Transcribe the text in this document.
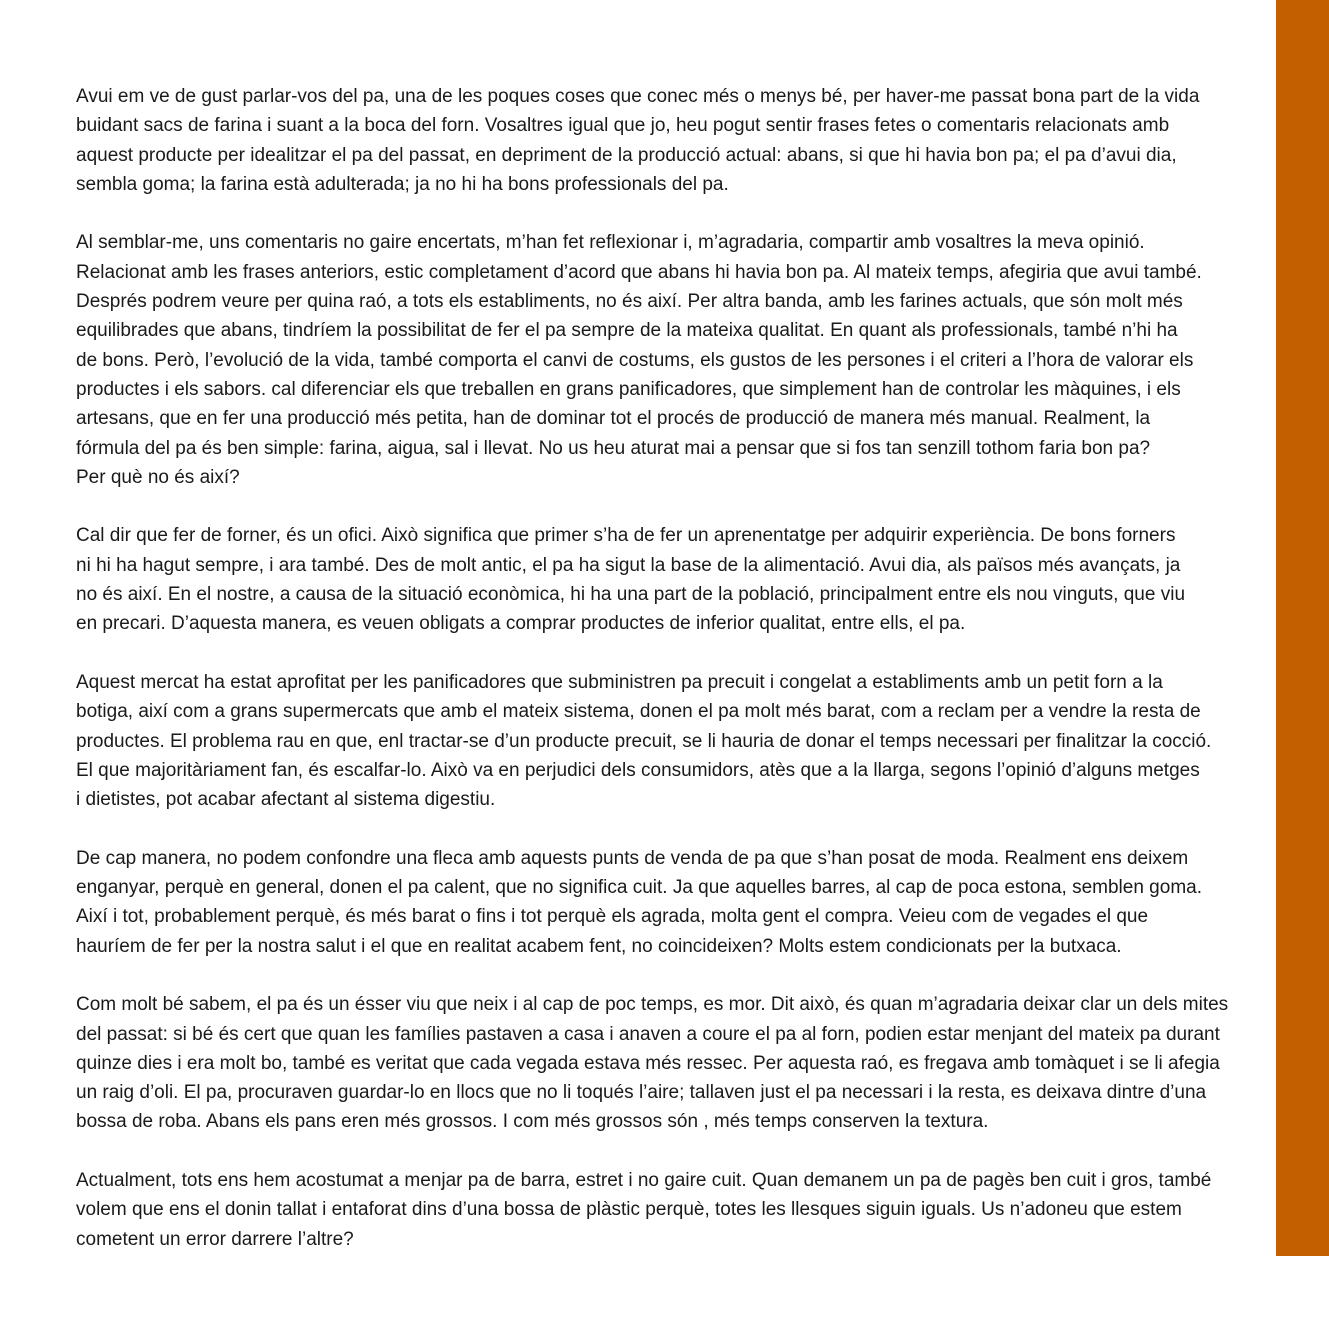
Avui em ve de gust parlar-vos del pa, una de les poques coses que conec més o menys bé, per haver-me passat bona part de la vida
buidant sacs de farina i suant a la boca del forn. Vosaltres igual que jo, heu pogut sentir frases fetes o comentaris relacionats amb
aquest producte per idealitzar el pa del passat, en depriment de la producció actual: abans, si que hi havia bon pa; el pa d’avui dia,
sembla goma; la farina està adulterada; ja no hi ha bons professionals del pa.

Al semblar-me, uns comentaris no gaire encertats, m’han fet reflexionar i, m’agradaria, compartir amb vosaltres la meva opinió.
Relacionat amb les frases anteriors, estic completament d’acord que abans hi havia bon pa. Al mateix temps, afegiria que avui també.
Després podrem veure per quina raó, a tots els establiments, no és així. Per altra banda, amb les farines actuals, que són molt més
equilibrades que abans, tindríem la possibilitat de fer el pa sempre de la mateixa qualitat. En quant als professionals, també n’hi ha
de bons. Però, l’evolució de la vida, també comporta el canvi de costums, els gustos de les persones i el criteri a l’hora de valorar els
productes i els sabors. cal diferenciar els que treballen en grans panificadores, que simplement han de controlar les màquines, i els
artesans, que en fer una producció més petita, han de dominar tot el procés de producció de manera més manual. Realment, la
fórmula del pa és ben simple: farina, aigua, sal i llevat. No us heu aturat mai a pensar que si fos tan senzill tothom faria bon pa?
Per què no és així?

Cal dir que fer de forner, és un ofici. Això significa que primer s’ha de fer un aprenentatge per adquirir experiència. De bons forners
ni hi ha hagut sempre, i ara també. Des de molt antic, el pa ha sigut la base de la alimentació. Avui dia, als països més avançats, ja
no és així. En el nostre, a causa de la situació econòmica, hi ha una part de la població, principalment entre els nou vinguts, que viu
en precari. D’aquesta manera, es veuen obligats a comprar productes de inferior qualitat, entre ells, el pa.

Aquest mercat ha estat aprofitat per les panificadores que subministren pa precuit i congelat a establiments amb un petit forn a la
botiga, així com a grans supermercats que amb el mateix sistema, donen el pa molt més barat, com a reclam per a vendre la resta de
productes. El problema rau en que, enl tractar-se d’un producte precuit, se li hauria de donar el temps necessari per finalitzar la cocció.
El que majoritàriament fan, és escalfar-lo. Això va en perjudici dels consumidors, atès que a la llarga, segons l’opinió d’alguns metges
i dietistes, pot acabar afectant al sistema digestiu.

De cap manera, no podem confondre una fleca amb aquests punts de venda de pa que s’han posat de moda. Realment ens deixem
enganyar, perquè en general, donen el pa calent, que no significa cuit. Ja que aquelles barres, al cap de poca estona, semblen goma.
Així i tot, probablement perquè, és més barat o fins i tot perquè els agrada, molta gent el compra. Veieu com de vegades el que
hauríem de fer per la nostra salut i el que en realitat acabem fent, no coincideixen? Molts estem condicionats per la butxaca.

Com molt bé sabem, el pa és un ésser viu que neix i al cap de poc temps, es mor. Dit això, és quan m’agradaria deixar clar un dels mites
del passat: si bé és cert que quan les famílies pastaven a casa i anaven a coure el pa al forn, podien estar menjant del mateix pa durant
quinze dies i era molt bo, també es veritat que cada vegada estava més ressec. Per aquesta raó, es fregava amb tomàquet i se li afegia
un raig d’oli. El pa, procuraven guardar-lo en llocs que no li toqués l’aire; tallaven just el pa necessari i la resta, es deixava dintre d’una
bossa de roba. Abans els pans eren més grossos. I com més grossos són , més temps conserven la textura.

Actualment, tots ens hem acostumat a menjar pa de barra, estret i no gaire cuit. Quan demanem un pa de pagès ben cuit i gros, també
volem que ens el donin tallat i entaforat dins d’una bossa de plàstic perquè, totes les llesques siguin iguals. Us n’adoneu que estem
cometent un error darrere l’altre?
